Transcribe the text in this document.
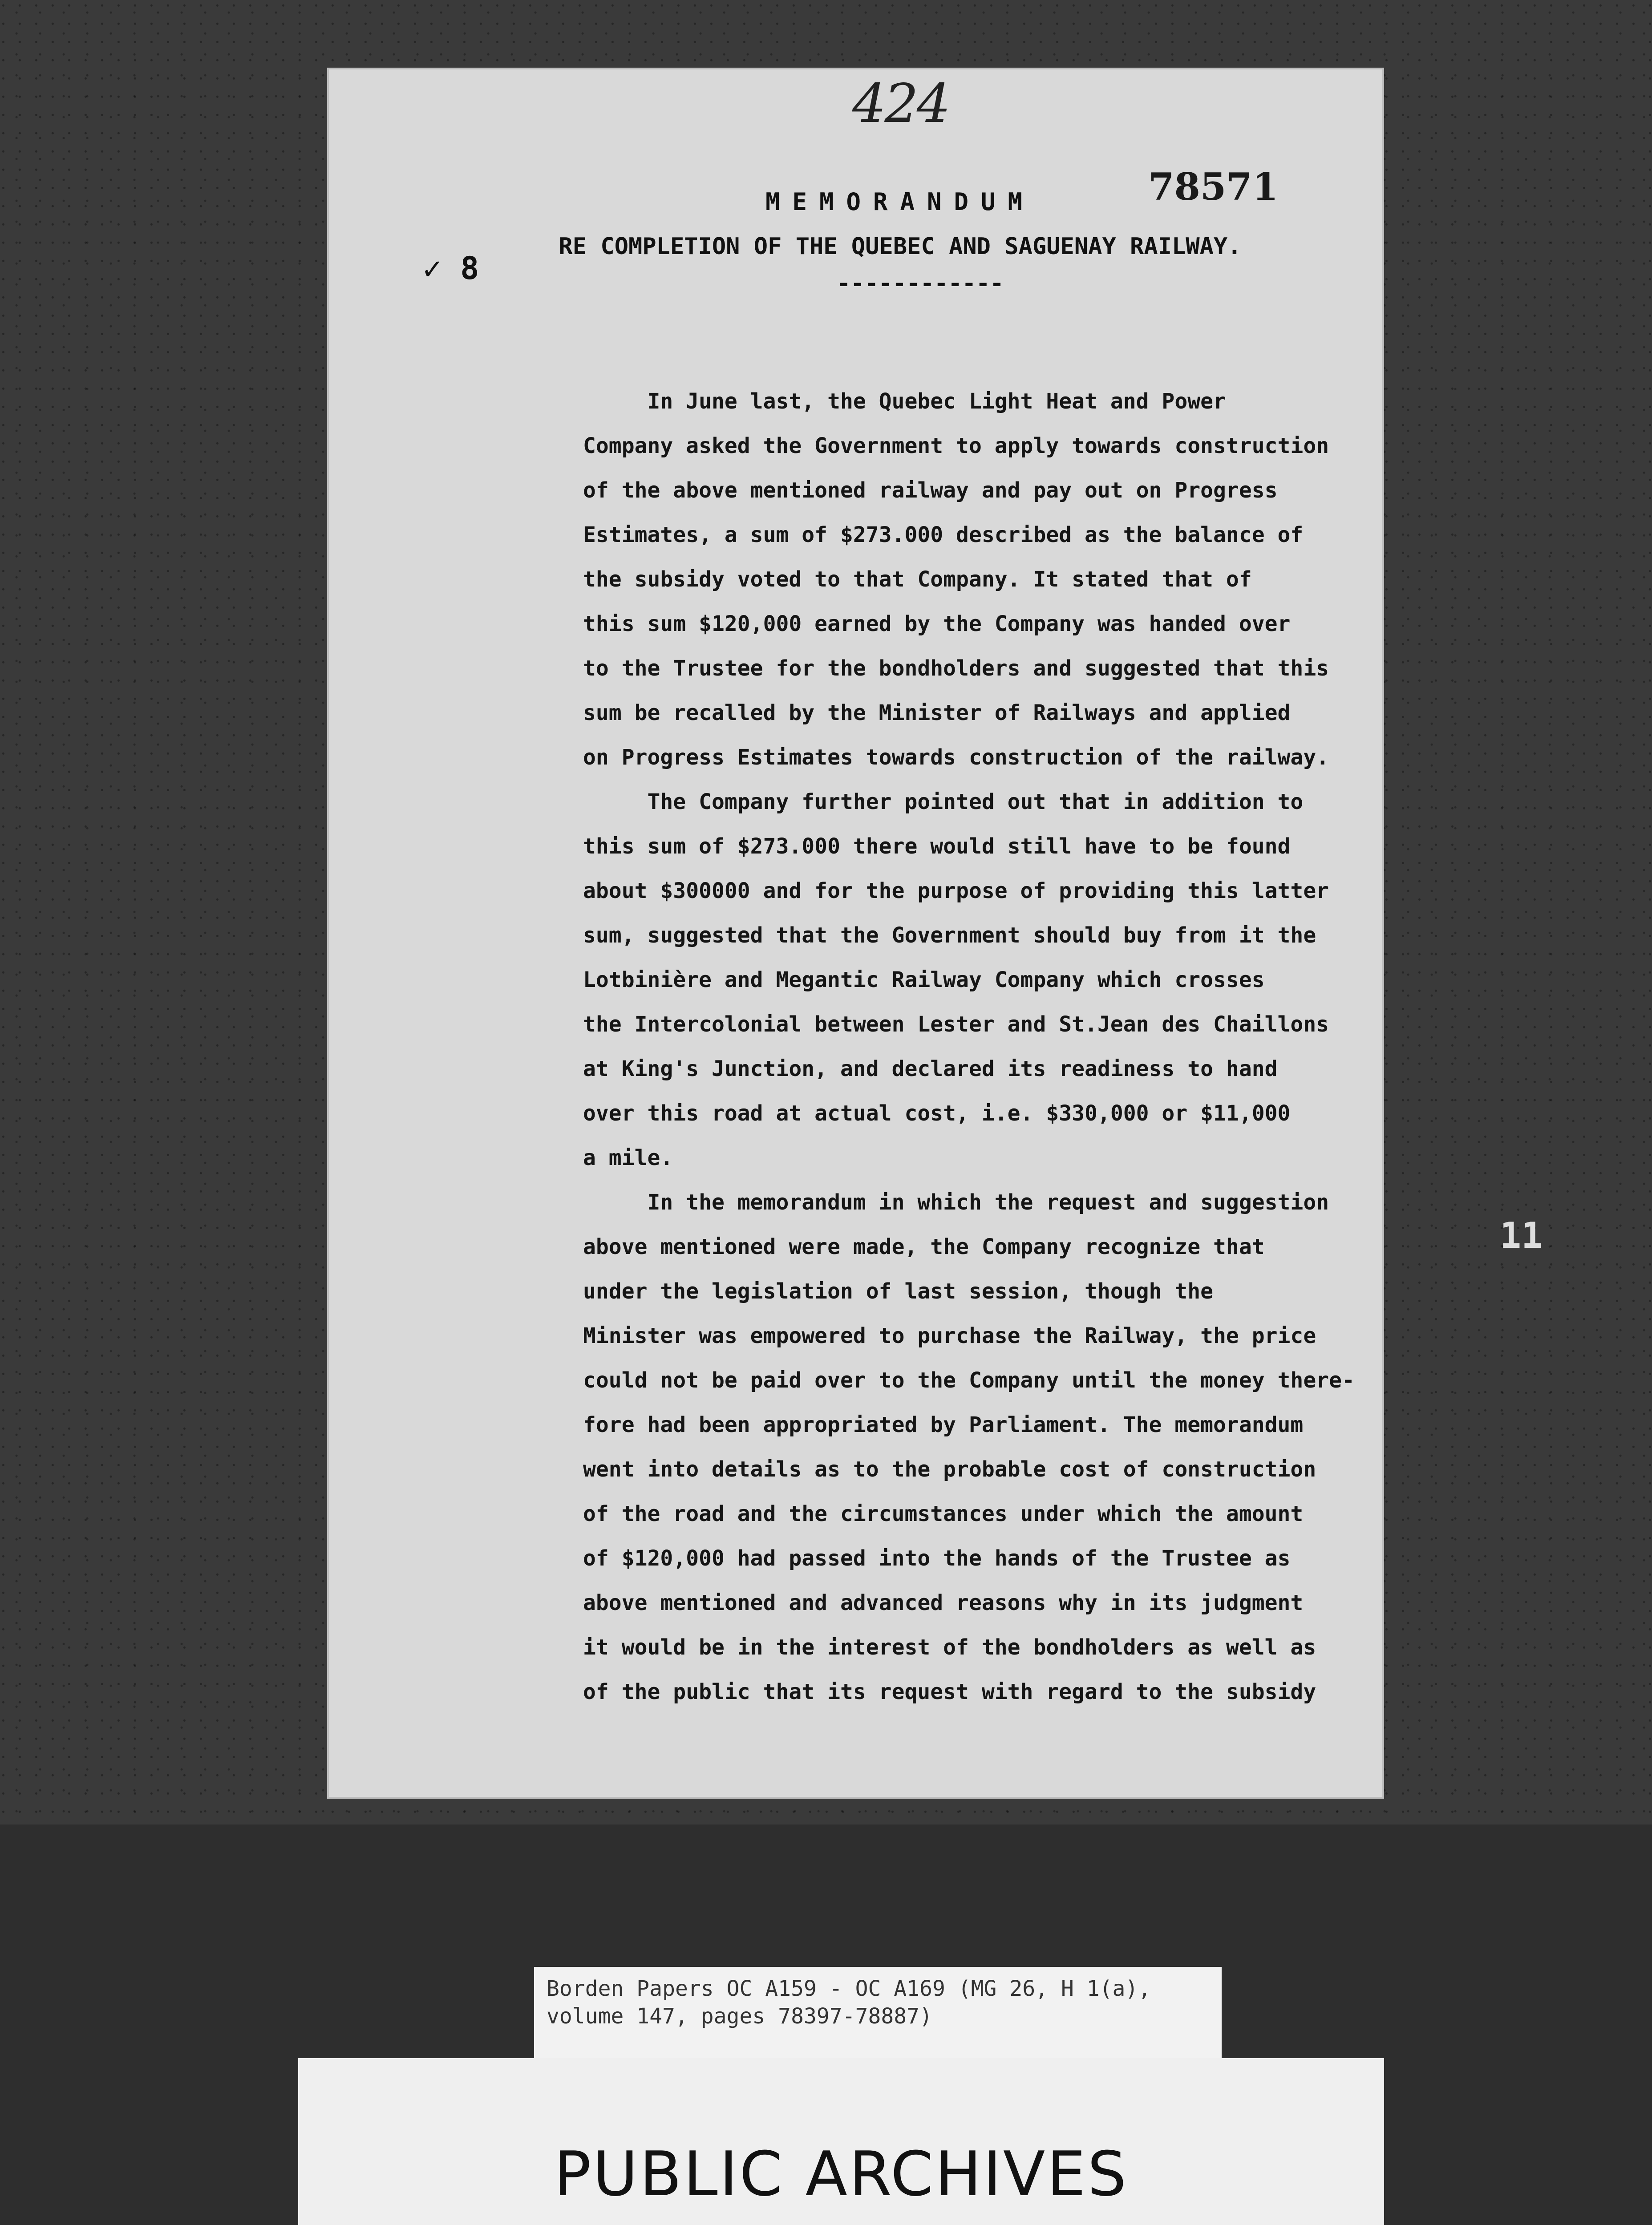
424
78571
MEMORANDUM
RE COMPLETION OF THE QUEBEC AND SAGUENAY RAILWAY.
------------
✓ 8
In June last, the Quebec Light Heat and Power
Company asked the Government to apply towards construction
of the above mentioned railway and pay out on Progress
Estimates, a sum of $273.000 described as the balance of
the subsidy voted to that Company. It stated that of
this sum $120,000 earned by the Company was handed over
to the Trustee for the bondholders and suggested that this
sum be recalled by the Minister of Railways and applied
on Progress Estimates towards construction of the railway.
The Company further pointed out that in addition to
this sum of $273.000 there would still have to be found
about $300000 and for the purpose of providing this latter
sum, suggested that the Government should buy from it the
Lotbinière and Megantic Railway Company which crosses
the Intercolonial between Lester and St.Jean des Chaillons
at King's Junction, and declared its readiness to hand
over this road at actual cost, i.e. $330,000 or $11,000
a mile.
In the memorandum in which the request and suggestion
above mentioned were made, the Company recognize that
under the legislation of last session, though the
Minister was empowered to purchase the Railway, the price
could not be paid over to the Company until the money there-
fore had been appropriated by Parliament. The memorandum
went into details as to the probable cost of construction
of the road and the circumstances under which the amount
of $120,000 had passed into the hands of the Trustee as
above mentioned and advanced reasons why in its judgment
it would be in the interest of the bondholders as well as
of the public that its request with regard to the subsidy
11
Borden Papers OC A159 - OC A169 (MG 26, H 1(a),
volume 147, pages 78397-78887)
PUBLIC ARCHIVES
